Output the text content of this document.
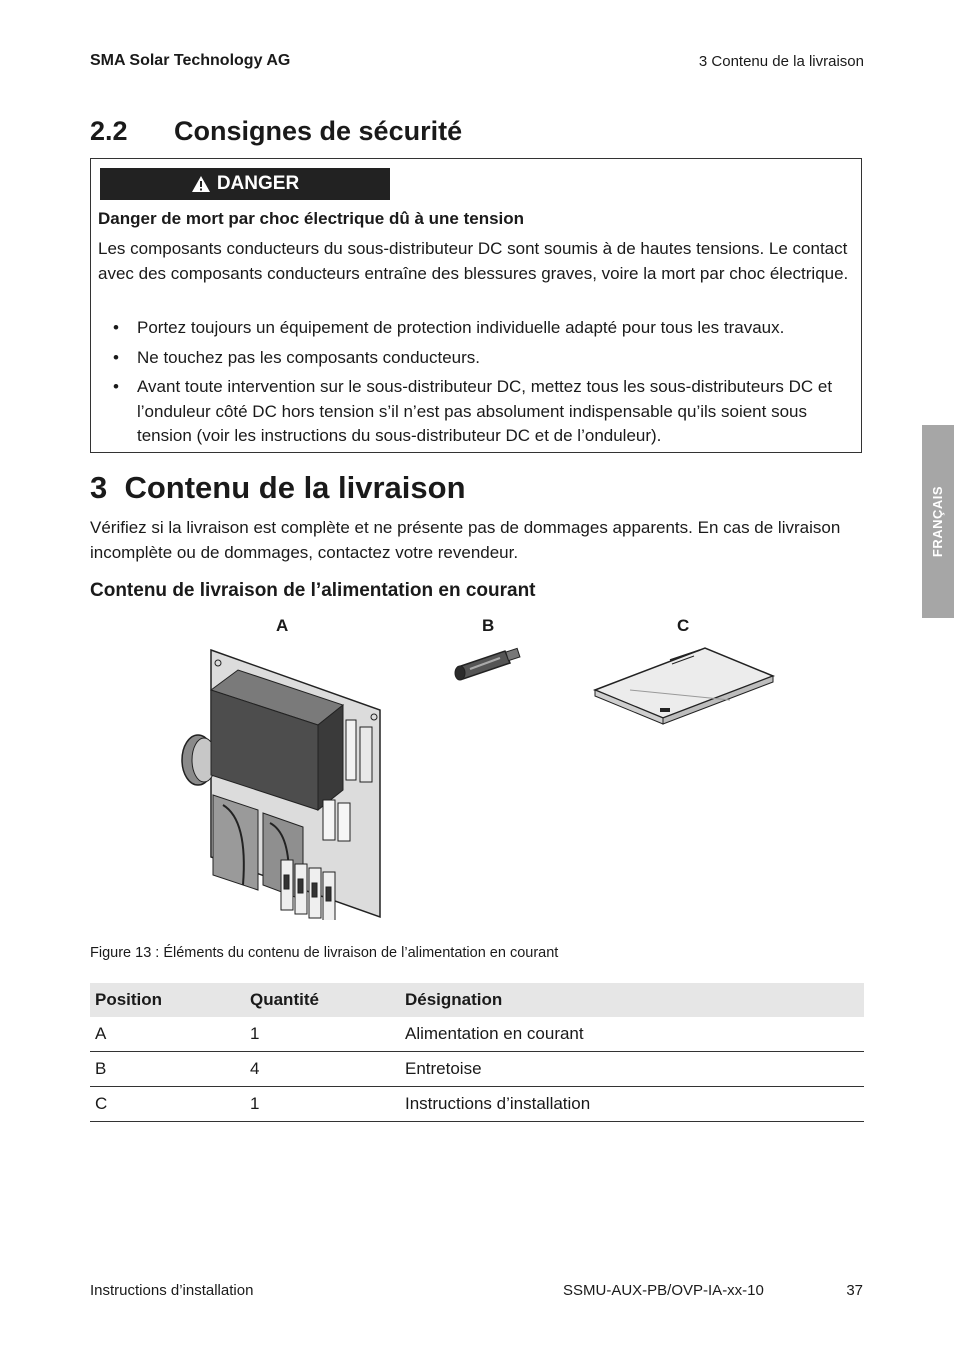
SMA Solar Technology AG	3 Contenu de la livraison
2.2 Consignes de sécurité
DANGER
Danger de mort par choc électrique dû à une tension
Les composants conducteurs du sous-distributeur DC sont soumis à de hautes tensions. Le contact avec des composants conducteurs entraîne des blessures graves, voire la mort par choc électrique.
• Portez toujours un équipement de protection individuelle adapté pour tous les travaux.
• Ne touchez pas les composants conducteurs.
• Avant toute intervention sur le sous-distributeur DC, mettez tous les sous-distributeurs DC et l’onduleur côté DC hors tension s’il n’est pas absolument indispensable qu’ils soient sous tension (voir les instructions du sous-distributeur DC et de l’onduleur).
3  Contenu de la livraison
Vérifiez si la livraison est complète et ne présente pas de dommages apparents. En cas de livraison incomplète ou de dommages, contactez votre revendeur.
Contenu de livraison de l’alimentation en courant
A	B	C
Figure 13 : Éléments du contenu de livraison de l’alimentation en courant
Position	Quantité	Désignation
A	1	Alimentation en courant
B	4	Entretoise
C	1	Instructions d’installation
FRANÇAIS
Instructions d’installation	SSMU-AUX-PB/OVP-IA-xx-10	37
